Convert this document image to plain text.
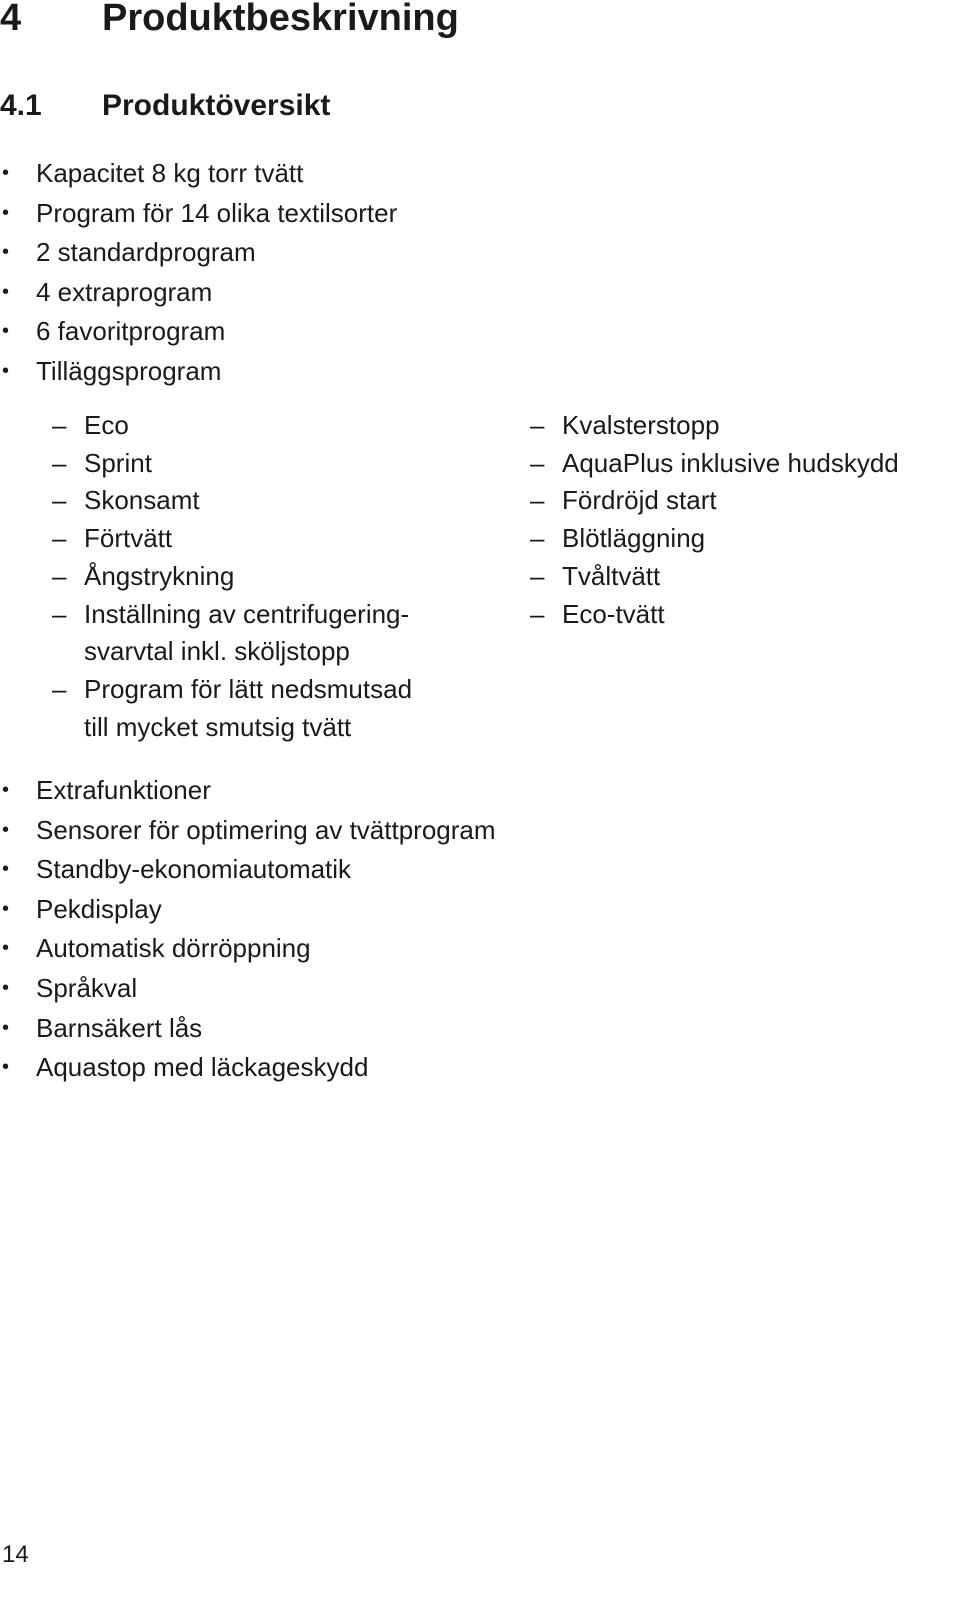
4 Produktbeskrivning
4.1 Produktöversikt
• Kapacitet 8 kg torr tvätt
• Program för 14 olika textilsorter
• 2 standardprogram
• 4 extraprogram
• 6 favoritprogram
• Tilläggsprogram
– Eco
– Sprint
– Skonsamt
– Förtvätt
– Ångstrykning
– Inställning av centrifugering-
svarvtal inkl. sköljstopp
– Program för lätt nedsmutsad
till mycket smutsig tvätt
– Kvalsterstopp
– AquaPlus inklusive hudskydd
– Fördröjd start
– Blötläggning
– Tvåltvätt
– Eco-tvätt
• Extrafunktioner
• Sensorer för optimering av tvättprogram
• Standby-ekonomiautomatik
• Pekdisplay
• Automatisk dörröppning
• Språkval
• Barnsäkert lås
• Aquastop med läckageskydd
14
